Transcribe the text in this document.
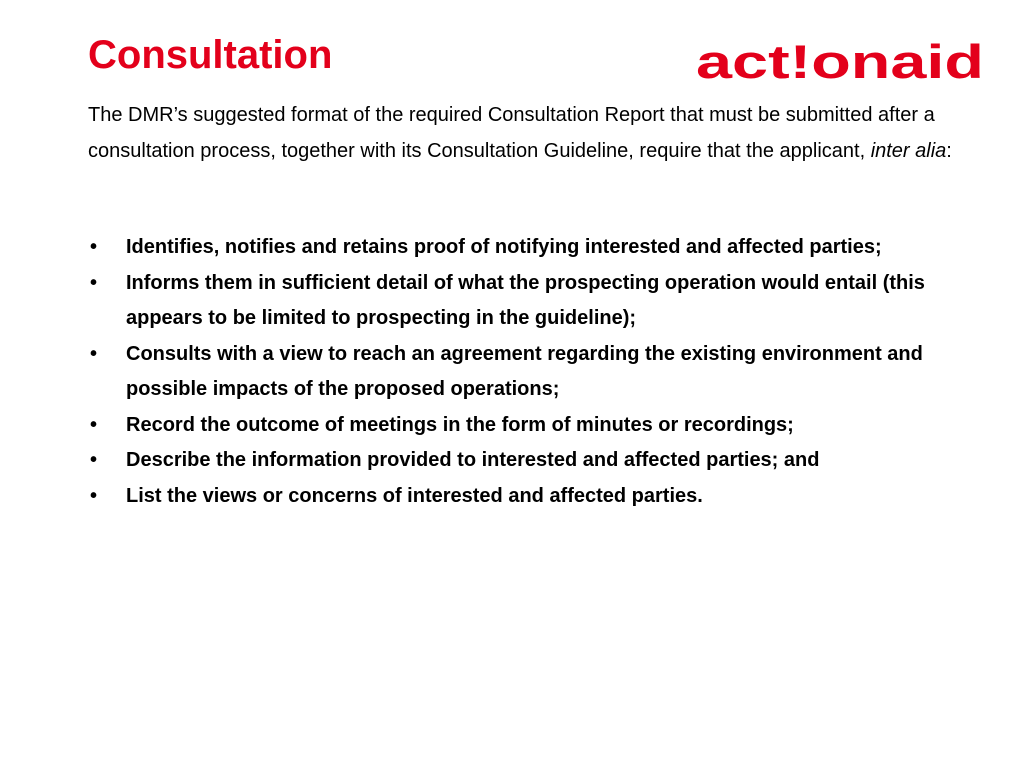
Consultation	act!onaid

The DMR’s suggested format of the required Consultation Report that must be submitted after a consultation process, together with its Consultation Guideline, require that the applicant, inter alia:

• Identifies, notifies and retains proof of notifying interested and affected parties;
• Informs them in sufficient detail of what the prospecting operation would entail (this appears to be limited to prospecting in the guideline);
• Consults with a view to reach an agreement regarding the existing environment and possible impacts of the proposed operations;
• Record the outcome of meetings in the form of minutes or recordings;
• Describe the information provided to interested and affected parties; and
• List the views or concerns of interested and affected parties.
